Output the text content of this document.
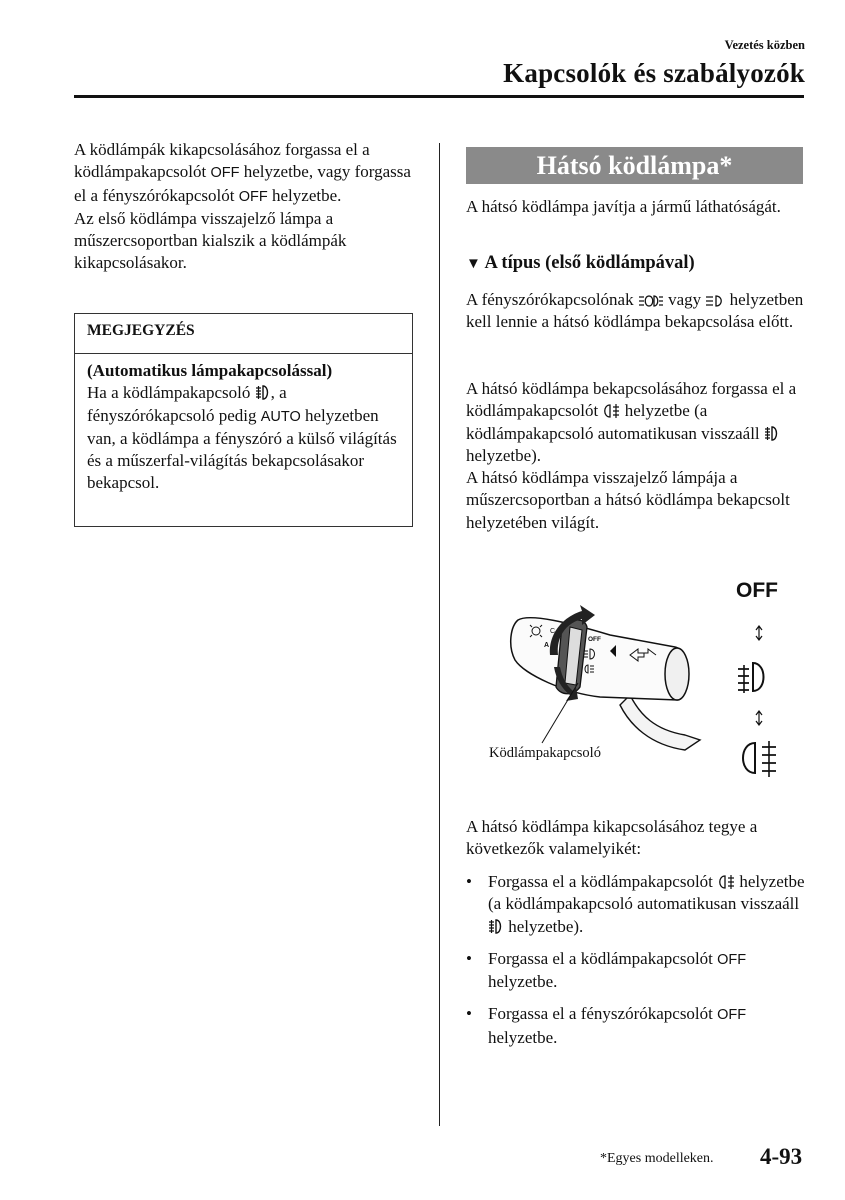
Vezetés közben
Kapcsolók és szabályozók
A ködlámpák kikapcsolásához forgassa el a ködlámpakapcsolót OFF helyzetbe, vagy forgassa el a fényszórókapcsolót OFF helyzetbe.
Az első ködlámpa visszajelző lámpa a műszercsoportban kialszik a ködlámpák kikapcsolásakor.
MEGJEGYZÉS
(Automatikus lámpakapcsolással)
Ha a ködlámpakapcsoló , a fényszórókapcsoló pedig AUTO helyzetben van, a ködlámpa a fényszóró a külső világítás és a műszerfal-világítás bekapcsolásakor bekapcsol.
Hátsó ködlámpa*
A hátsó ködlámpa javítja a jármű láthatóságát.
▼ A típus (első ködlámpával)
A fényszórókapcsolónak  vagy  helyzetben kell lennie a hátsó ködlámpa bekapcsolása előtt.
A hátsó ködlámpa bekapcsolásához forgassa el a ködlámpakapcsolót  helyzetbe (a ködlámpakapcsoló automatikusan visszaáll  helyzetbe).
A hátsó ködlámpa visszajelző lámpája a műszercsoportban a hátsó ködlámpa bekapcsolt helyzetében világít.
C
A
OFF
OFF
Ködlámpakapcsoló
A hátsó ködlámpa kikapcsolásához tegye a következők valamelyikét:
• Forgassa el a ködlámpakapcsolót  helyzetbe (a ködlámpakapcsoló automatikusan visszaáll  helyzetbe).
• Forgassa el a ködlámpakapcsolót OFF helyzetbe.
• Forgassa el a fényszórókapcsolót OFF helyzetbe.
*Egyes modelleken. 4-93
